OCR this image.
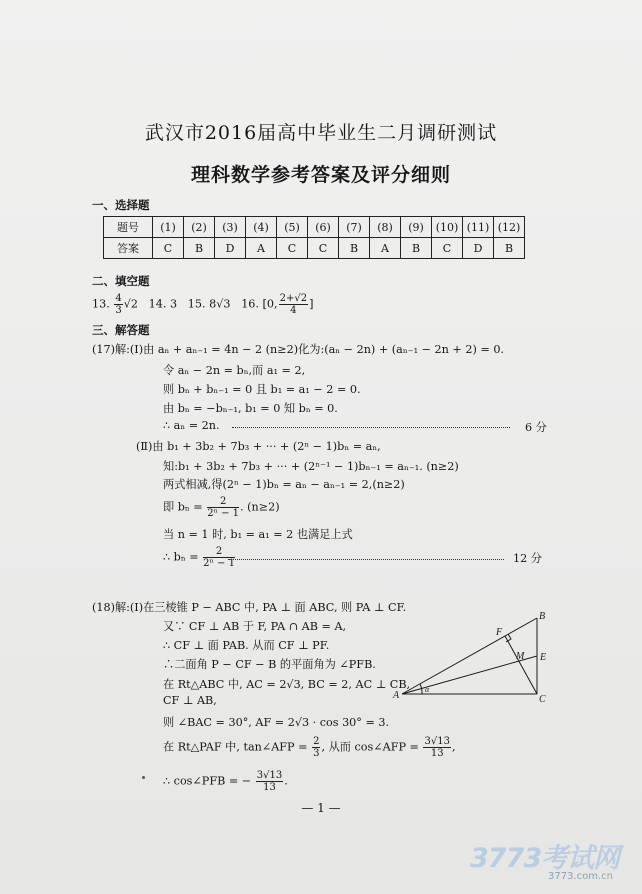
武汉市2016届高中毕业生二月调研测试
理科数学参考答案及评分细则
一、选择题
题号	(1)	(2)	(3)	(4)	(5)	(6)	(7)	(8)	(9)	(10)	(11)	(12)
答案	C	B	D	A	C	C	B	A	B	C	D	B
二、填空题
13. $\frac{4}{3} √2$ 14. 3 15. 8√3 16. [0, $\frac{2+√2}{4}$ ]
三、解答题
(17)解:(Ⅰ)由 aₙ + aₙ₋₁ = 4n − 2 (n≥2)化为:(aₙ − 2n) + (aₙ₋₁ − 2n + 2) = 0.
令 aₙ − 2n = bₙ,而 a₁ = 2,
则 bₙ + bₙ₋₁ = 0 且 b₁ = a₁ − 2 = 0.
由 bₙ = −bₙ₋₁, b₁ = 0 知 bₙ = 0.
∴ aₙ = 2n.	6 分
(Ⅱ)由 b₁ + 3b₂ + 7b₃ + ··· + (2ⁿ − 1)bₙ = aₙ,
知:b₁ + 3b₂ + 7b₃ + ··· + (2ⁿ⁻¹ − 1)bₙ₋₁ = aₙ₋₁. (n≥2)
两式相减,得(2ⁿ − 1)bₙ = aₙ − aₙ₋₁ = 2,(n≥2)
即 $b_n = \frac{2}{\text{2ⁿ − 1}}$ . (n≥2)
当 n = 1 时, b₁ = a₁ = 2 也满足上式
∴ $b_n = \frac{2}{\text{2ⁿ − 1}}$	12 分
(18)解:(Ⅰ)在三棱锥 P − ABC 中, PA ⊥ 面 ABC, 则 PA ⊥ CF.
又∵ CF ⊥ AB 于 F, PA ∩ AB = A,
∴ CF ⊥ 面 PAB. 从而 CF ⊥ PF.
∴二面角 P − CF − B 的平面角为 ∠PFB.
在 Rt△ABC 中, AC = 2√3, BC = 2, AC ⊥ CB,
CF ⊥ AB,
则 ∠BAC = 30°, AF = 2√3 · cos 30° = 3.
在 Rt△PAF 中, tan∠AFP = $\frac{2}{3}$ , 从而 cos∠AFP = $\frac{3√13}{13}$ ,
∴ cos∠PFB = − $\frac{3√13}{13}$ .
B
F
M E
A	C
α
— 1 —
3773考试网
3773.com.cn
